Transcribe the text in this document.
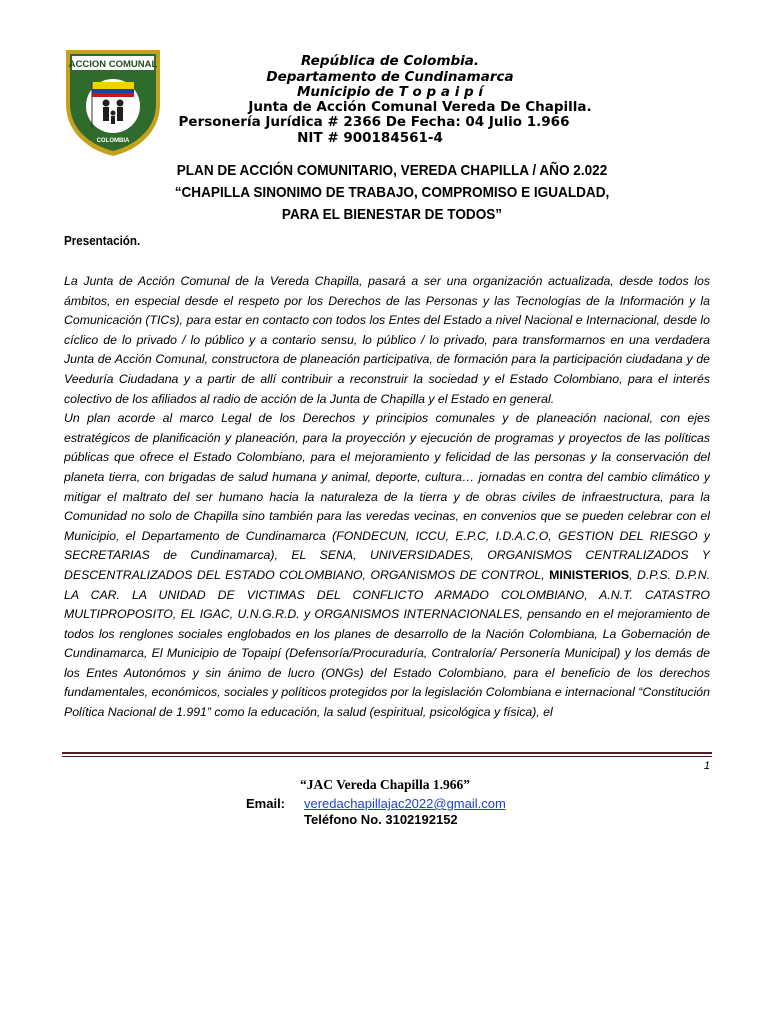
ACCION COMUNAL
COLOMBIA
República de Colombia.
Departamento de Cundinamarca
Municipio de T o p a i p í
Junta de Acción Comunal Vereda De Chapilla.
Personería Jurídica # 2366 De Fecha: 04 Julio 1.966
NIT # 900184561-4
PLAN DE ACCIÓN COMUNITARIO, VEREDA CHAPILLA / AÑO 2.022
“CHAPILLA SINONIMO DE TRABAJO, COMPROMISO E IGUALDAD,
PARA EL BIENESTAR DE TODOS”
Presentación.

La Junta de Acción Comunal de la Vereda Chapilla, pasará a ser una organización actualizada, desde todos los ámbitos, en especial desde el respeto por los Derechos de las Personas y las Tecnologías de la Información y la Comunicación (TICs), para estar en contacto con todos los Entes del Estado a nivel Nacional e Internacional, desde lo cíclico de lo privado / lo público y a contario sensu, lo público / lo privado, para transformarnos en una verdadera Junta de Acción Comunal, constructora de planeación participativa, de formación para la participación ciudadana y de Veeduría Ciudadana y a partir de allí contribuir a reconstruir la sociedad y el Estado Colombiano, para el interés colectivo de los afiliados al radio de acción de la Junta de Chapilla y el Estado en general.

Un plan acorde al marco Legal de los Derechos y principios comunales y de planeación nacional, con ejes estratégicos de planificación y planeación, para la proyección y ejecución de programas y proyectos de las políticas públicas que ofrece el Estado Colombiano, para el mejoramiento y felicidad de las personas y la conservación del planeta tierra, con brigadas de salud humana y animal, deporte, cultura… jornadas en contra del cambio climático y mitigar el maltrato del ser humano hacia la naturaleza de la tierra y de obras civiles de infraestructura, para la Comunidad no solo de Chapilla sino también para las veredas vecinas, en convenios que se pueden celebrar con el Municipio, el Departamento de Cundinamarca (FONDECUN, ICCU, E.P.C, I.D.A.C.O, GESTION DEL RIESGO y SECRETARIAS de Cundinamarca), EL SENA, UNIVERSIDADES, ORGANISMOS CENTRALIZADOS Y DESCENTRALIZADOS DEL ESTADO COLOMBIANO, ORGANISMOS DE CONTROL, MINISTERIOS, D.P.S. D.P.N. LA CAR. LA UNIDAD DE VICTIMAS DEL CONFLICTO ARMADO COLOMBIANO, A.N.T. CATASTRO MULTIPROPOSITO, EL IGAC, U.N.G.R.D. y ORGANISMOS INTERNACIONALES, pensando en el mejoramiento de todos los renglones sociales englobados en los planes de desarrollo de la Nación Colombiana, La Gobernación de Cundinamarca, El Municipio de Topaipí (Defensoría/Procuraduría, Contraloría/ Personería Municipal) y los demás de los Entes Autonómos y sin ánimo de lucro (ONGs) del Estado Colombiano, para el beneficio de los derechos fundamentales, económicos, sociales y políticos protegidos por la legislación Colombiana e internacional “Constitución Política Nacional de 1.991” como la educación, la salud (espiritual, psicológica y física), el

1
“JAC Vereda Chapilla 1.966”
Email: veredachapillajac2022@gmail.com
Teléfono No. 3102192152
